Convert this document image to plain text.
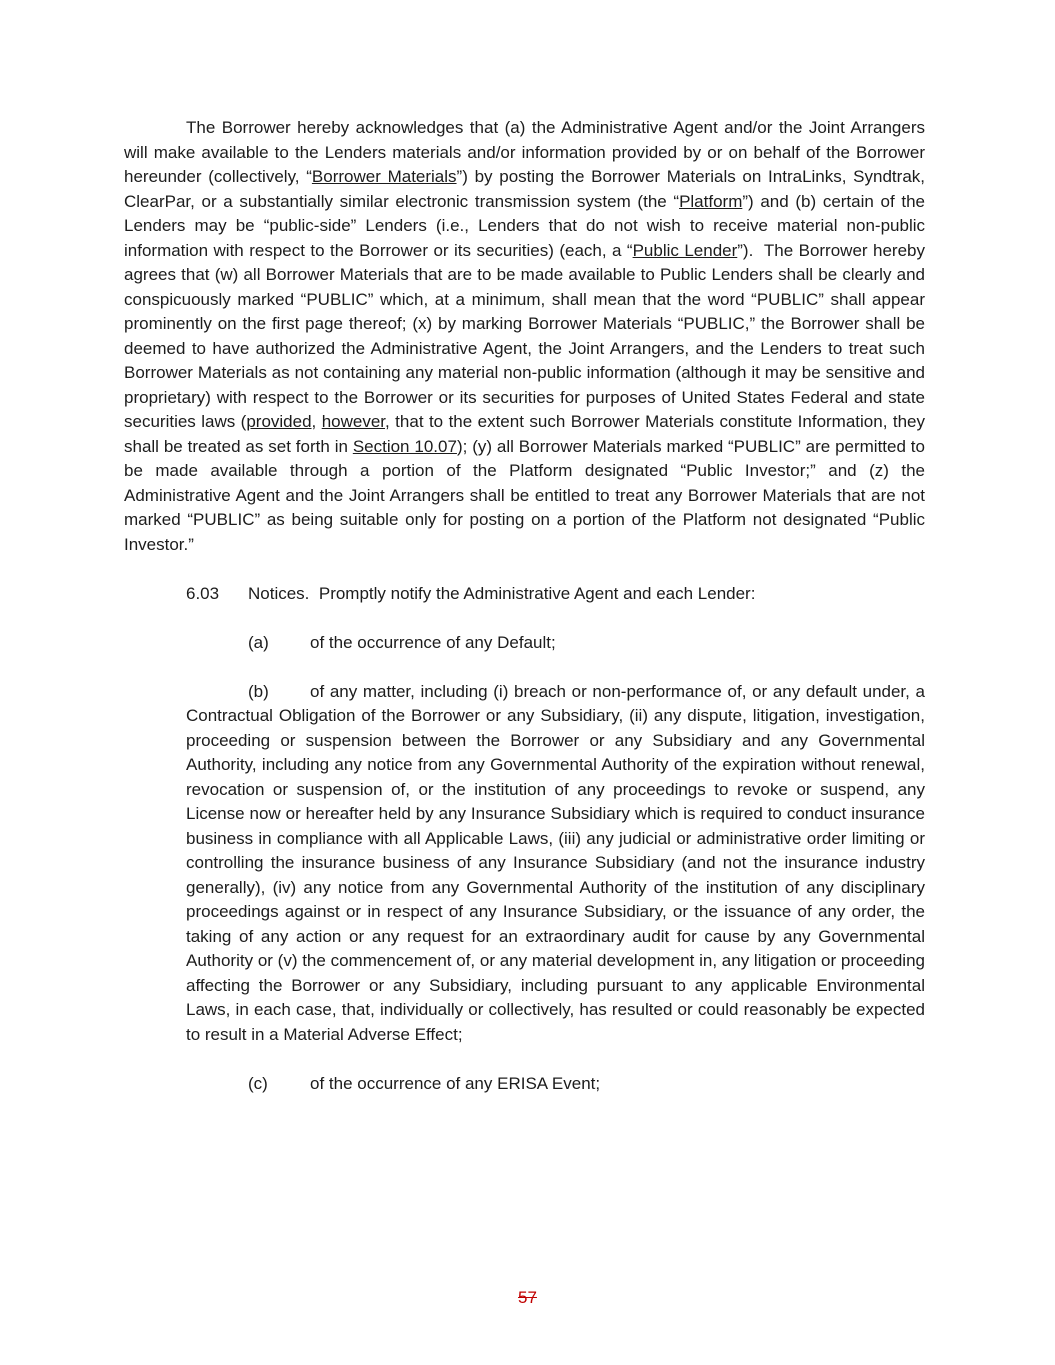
The Borrower hereby acknowledges that (a) the Administrative Agent and/or the Joint Arrangers will make available to the Lenders materials and/or information provided by or on behalf of the Borrower hereunder (collectively, “Borrower Materials”) by posting the Borrower Materials on IntraLinks, Syndtrak, ClearPar, or a substantially similar electronic transmission system (the “Platform”) and (b) certain of the Lenders may be “public-side” Lenders (i.e., Lenders that do not wish to receive material non-public information with respect to the Borrower or its securities) (each, a “Public Lender”).  The Borrower hereby agrees that (w) all Borrower Materials that are to be made available to Public Lenders shall be clearly and conspicuously marked “PUBLIC” which, at a minimum, shall mean that the word “PUBLIC” shall appear prominently on the first page thereof; (x) by marking Borrower Materials “PUBLIC,” the Borrower shall be deemed to have authorized the Administrative Agent, the Joint Arrangers, and the Lenders to treat such Borrower Materials as not containing any material non-public information (although it may be sensitive and proprietary) with respect to the Borrower or its securities for purposes of United States Federal and state securities laws (provided, however, that to the extent such Borrower Materials constitute Information, they shall be treated as set forth in Section 10.07); (y) all Borrower Materials marked “PUBLIC” are permitted to be made available through a portion of the Platform designated “Public Investor;” and (z) the Administrative Agent and the Joint Arrangers shall be entitled to treat any Borrower Materials that are not marked “PUBLIC” as being suitable only for posting on a portion of the Platform not designated “Public Investor.”

6.03 Notices.  Promptly notify the Administrative Agent and each Lender:

(a) of the occurrence of any Default;

(b) of any matter, including (i) breach or non-performance of, or any default under, a Contractual Obligation of the Borrower or any Subsidiary, (ii) any dispute, litigation, investigation, proceeding or suspension between the Borrower or any Subsidiary and any Governmental Authority, including any notice from any Governmental Authority of the expiration without renewal, revocation or suspension of, or the institution of any proceedings to revoke or suspend, any License now or hereafter held by any Insurance Subsidiary which is required to conduct insurance business in compliance with all Applicable Laws, (iii) any judicial or administrative order limiting or controlling the insurance business of any Insurance Subsidiary (and not the insurance industry generally), (iv) any notice from any Governmental Authority of the institution of any disciplinary proceedings against or in respect of any Insurance Subsidiary, or the issuance of any order, the taking of any action or any request for an extraordinary audit for cause by any Governmental Authority or (v) the commencement of, or any material development in, any litigation or proceeding affecting the Borrower or any Subsidiary, including pursuant to any applicable Environmental Laws, in each case, that, individually or collectively, has resulted or could reasonably be expected to result in a Material Adverse Effect;

(c) of the occurrence of any ERISA Event;

57
